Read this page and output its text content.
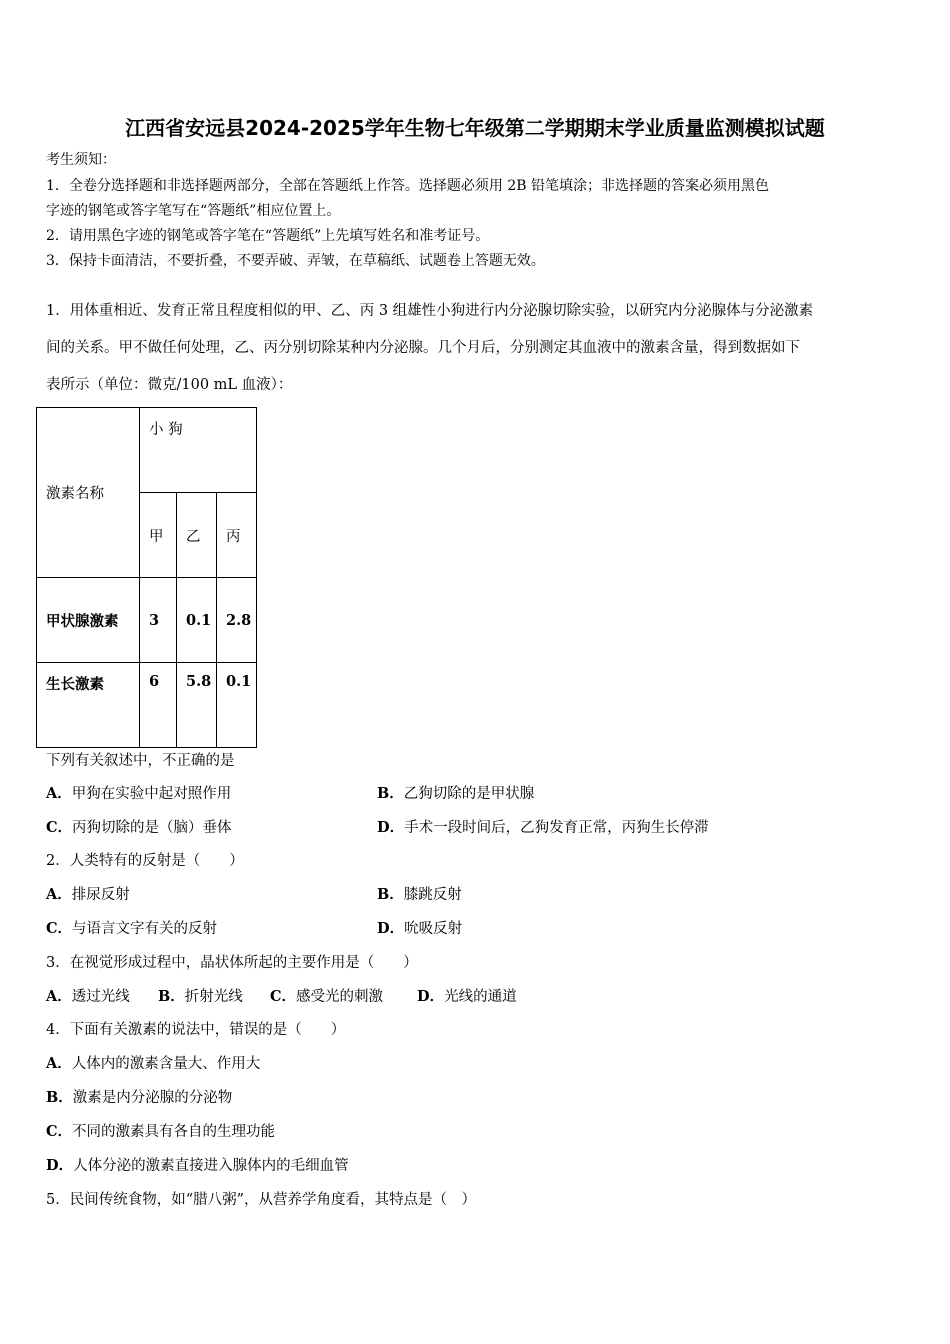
江西省安远县2024-2025学年生物七年级第二学期期末学业质量监测模拟试题
考生须知：
1．全卷分选择题和非选择题两部分，全部在答题纸上作答。选择题必须用 2B 铅笔填涂；非选择题的答案必须用黑色
字迹的钢笔或答字笔写在“答题纸”相应位置上。
2．请用黑色字迹的钢笔或答字笔在“答题纸”上先填写姓名和准考证号。
3．保持卡面清洁，不要折叠，不要弄破、弄皱，在草稿纸、试题卷上答题无效。
1．用体重相近、发育正常且程度相似的甲、乙、丙 3 组雄性小狗进行内分泌腺切除实验，以研究内分泌腺体与分泌激素
间的关系。甲不做任何处理，乙、丙分别切除某种内分泌腺。几个月后，分别测定其血液中的激素含量，得到数据如下
表所示（单位：微克/100 mL 血液）：
激素名称	小 狗		
	甲	乙	丙
甲状腺激素	3	0.1	2.8
生长激素	6	5.8	0.1
下列有关叙述中，不正确的是
A．甲狗在实验中起对照作用	B．乙狗切除的是甲状腺
C．丙狗切除的是（脑）垂体	D．手术一段时间后，乙狗发育正常，丙狗生长停滞
2．人类特有的反射是（　　）
A．排尿反射	B．膝跳反射
C．与语言文字有关的反射	D．吮吸反射
3．在视觉形成过程中，晶状体所起的主要作用是（　　）
A．透过光线 B．折射光线 C．感受光的刺激 D．光线的通道
4．下面有关激素的说法中，错误的是（　　）
A．人体内的激素含量大、作用大
B．激素是内分泌腺的分泌物
C．不同的激素具有各自的生理功能
D．人体分泌的激素直接进入腺体内的毛细血管
5．民间传统食物，如“腊八粥”，从营养学角度看，其特点是（　）
